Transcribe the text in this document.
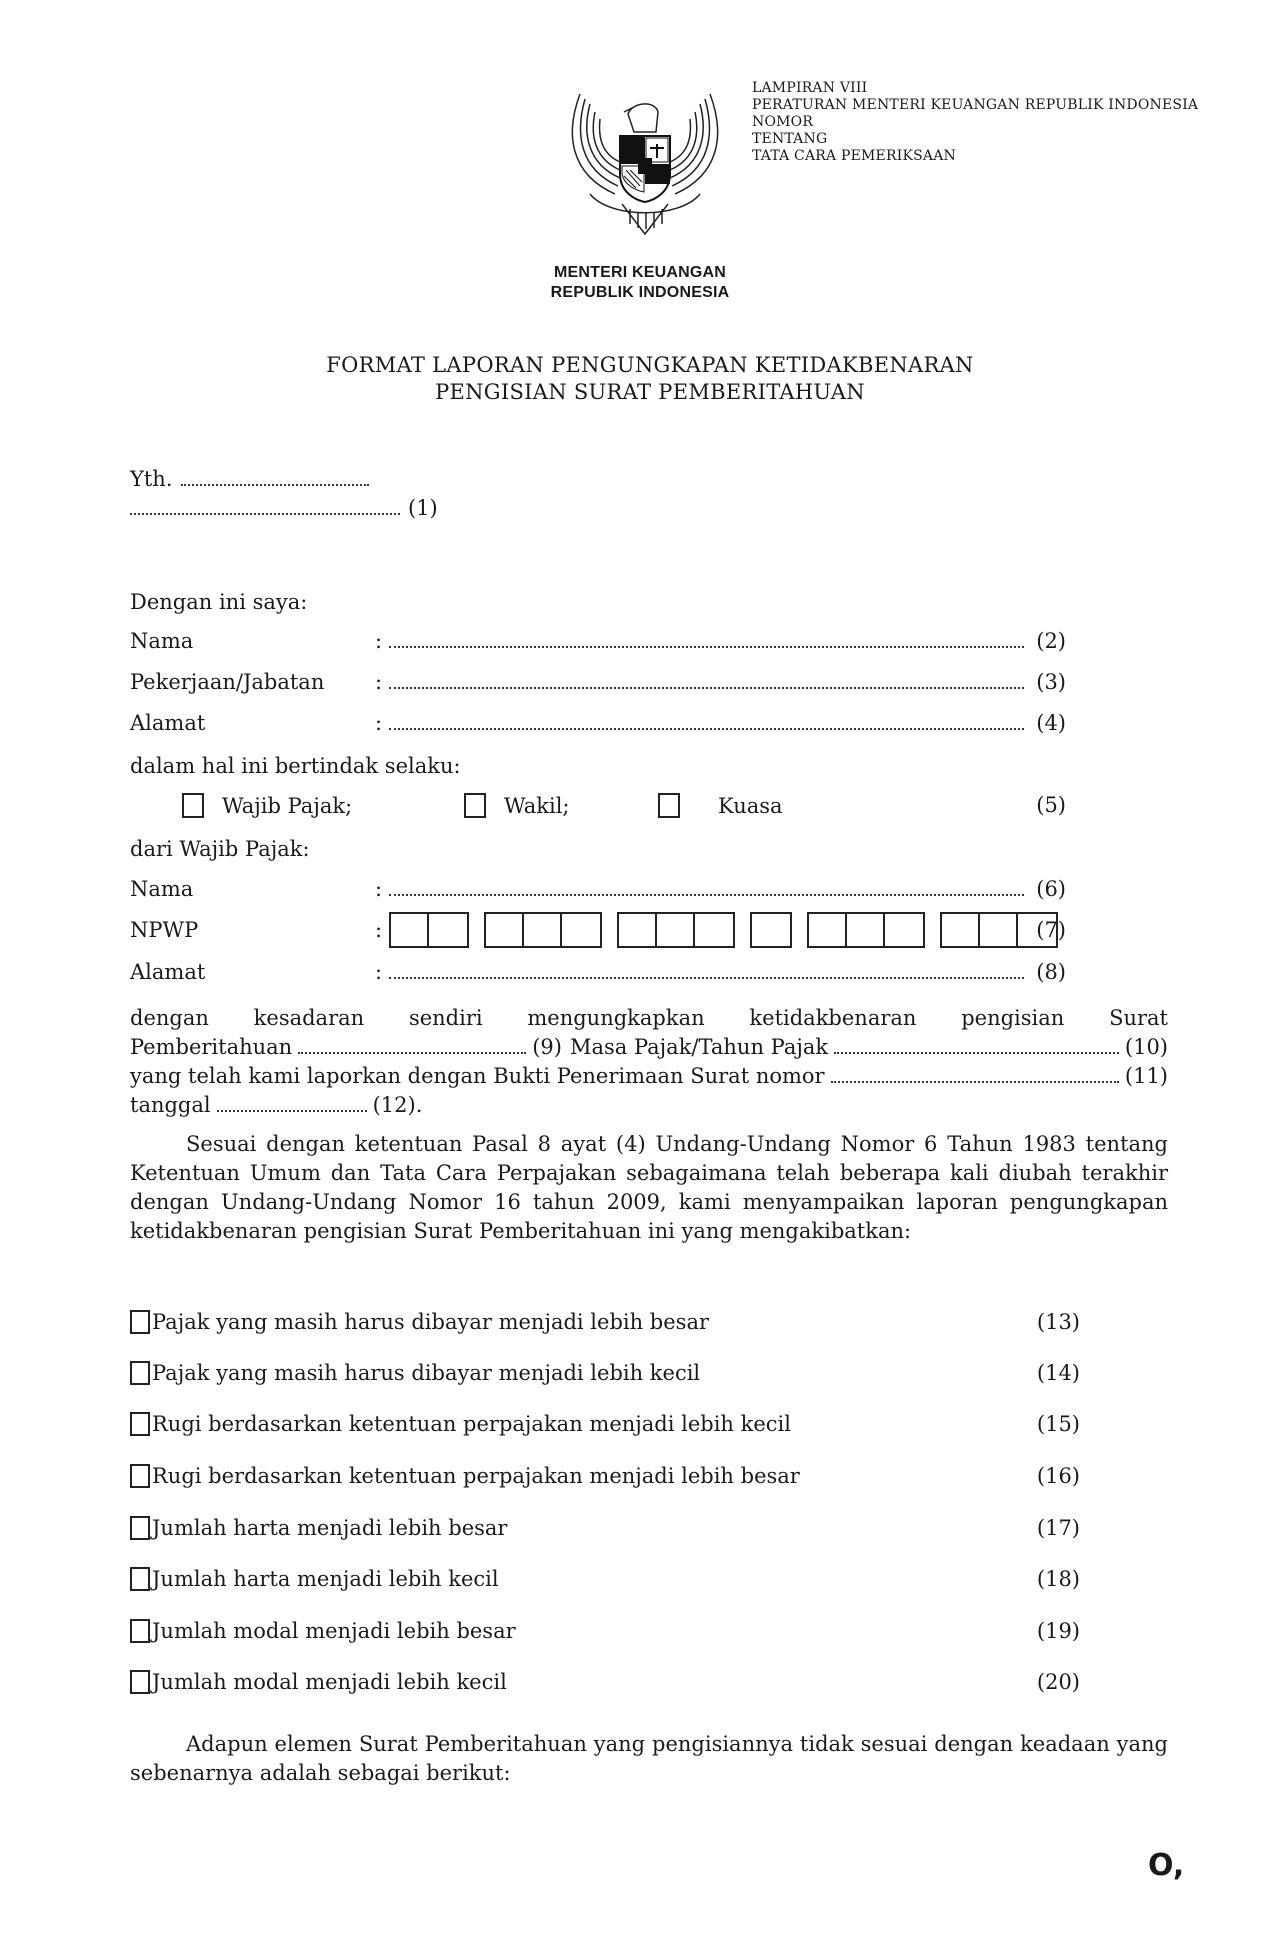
LAMPIRAN VIII
PERATURAN MENTERI KEUANGAN REPUBLIK INDONESIA
NOMOR
TENTANG
TATA CARA PEMERIKSAAN
MENTERI KEUANGAN
REPUBLIK INDONESIA
FORMAT LAPORAN PENGUNGKAPAN KETIDAKBENARAN
PENGISIAN SURAT PEMBERITAHUAN
Yth.
(1)
Dengan ini saya:
Nama	:	(2)
Pekerjaan/Jabatan	:	(3)
Alamat	:	(4)
dalam hal ini bertindak selaku:
Wajib Pajak;	Wakil;	Kuasa	(5)
dari Wajib Pajak:
Nama	:	(6)
NPWP	:	(7)
Alamat	:	(8)
dengan kesadaran sendiri mengungkapkan ketidakbenaran pengisian Surat
Pemberitahuan	(9) Masa Pajak/Tahun Pajak	(10)
yang telah kami laporkan dengan Bukti Penerimaan Surat nomor	(11)
tanggal	(12).
Sesuai dengan ketentuan Pasal 8 ayat (4) Undang-Undang Nomor 6 Tahun 1983 tentang Ketentuan Umum dan Tata Cara Perpajakan sebagaimana telah beberapa kali diubah terakhir dengan Undang-Undang Nomor 16 tahun 2009, kami menyampaikan laporan pengungkapan ketidakbenaran pengisian Surat Pemberitahuan ini yang mengakibatkan:
Pajak yang masih harus dibayar menjadi lebih besar	(13)
Pajak yang masih harus dibayar menjadi lebih kecil	(14)
Rugi berdasarkan ketentuan perpajakan menjadi lebih kecil	(15)
Rugi berdasarkan ketentuan perpajakan menjadi lebih besar	(16)
Jumlah harta menjadi lebih besar	(17)
Jumlah harta menjadi lebih kecil	(18)
Jumlah modal menjadi lebih besar	(19)
Jumlah modal menjadi lebih kecil	(20)
Adapun elemen Surat Pemberitahuan yang pengisiannya tidak sesuai dengan keadaan yang sebenarnya adalah sebagai berikut:
O,
